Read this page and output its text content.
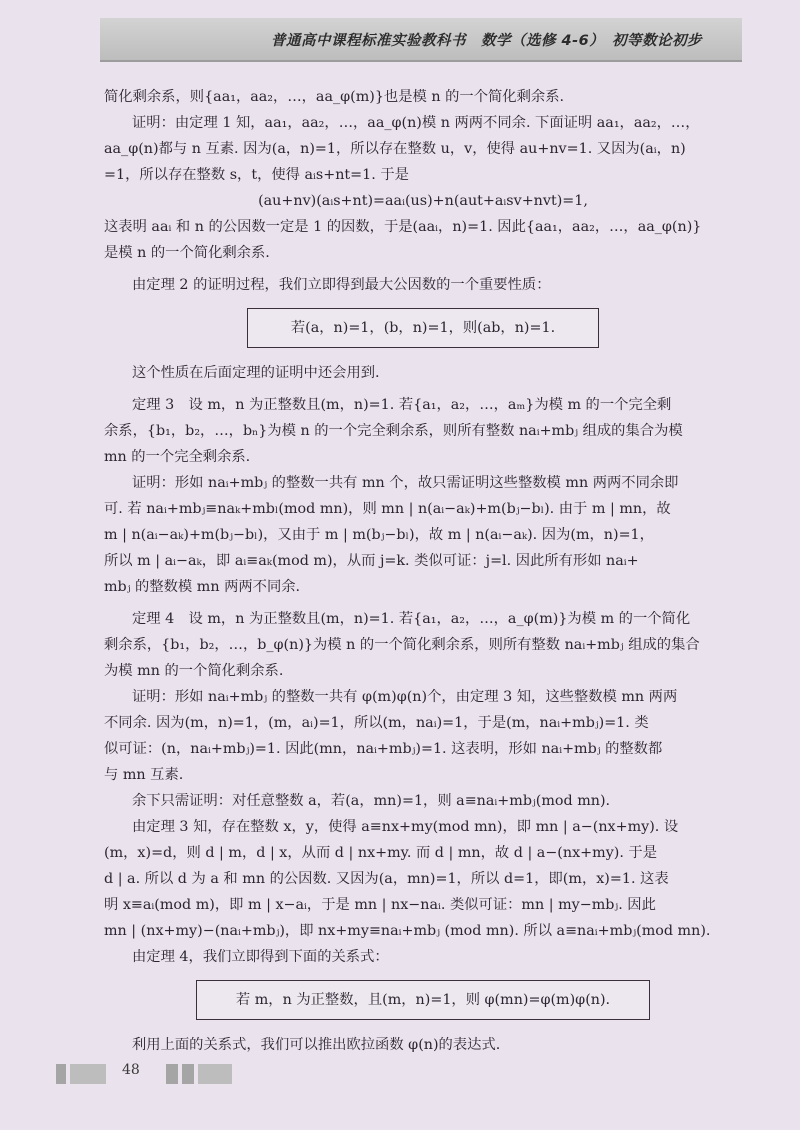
普通高中课程标准实验教科书　数学（选修 4-6）　初等数论初步

简化剩余系，则{aa₁，aa₂，…，aa_φ(m)}也是模 n 的一个简化剩余系.

证明：由定理 1 知，aa₁，aa₂，…，aa_φ(n)模 n 两两不同余. 下面证明 aa₁，aa₂，…，

aa_φ(n)都与 n 互素. 因为(a，n)=1，所以存在整数 u，v，使得 au+nv=1. 又因为(aᵢ，n)

=1，所以存在整数 s，t，使得 aᵢs+nt=1. 于是

(au+nv)(aᵢs+nt)=aaᵢ(us)+n(aut+aᵢsv+nvt)=1,

这表明 aaᵢ 和 n 的公因数一定是 1 的因数，于是(aaᵢ，n)=1. 因此{aa₁，aa₂，…，aa_φ(n)}

是模 n 的一个简化剩余系.

由定理 2 的证明过程，我们立即得到最大公因数的一个重要性质：

若(a，n)=1，(b，n)=1，则(ab，n)=1.

这个性质在后面定理的证明中还会用到.

定理 3　设 m，n 为正整数且(m，n)=1. 若{a₁，a₂，…，aₘ}为模 m 的一个完全剩

余系，{b₁，b₂，…，bₙ}为模 n 的一个完全剩余系，则所有整数 naᵢ+mbⱼ 组成的集合为模

mn 的一个完全剩余系.

证明：形如 naᵢ+mbⱼ 的整数一共有 mn 个，故只需证明这些整数模 mn 两两不同余即

可. 若 naᵢ+mbⱼ≡naₖ+mbₗ(mod mn)，则 mn | n(aᵢ−aₖ)+m(bⱼ−bₗ). 由于 m | mn，故

m | n(aᵢ−aₖ)+m(bⱼ−bₗ)，又由于 m | m(bⱼ−bₗ)，故 m | n(aᵢ−aₖ). 因为(m，n)=1，

所以 m | aᵢ−aₖ，即 aᵢ≡aₖ(mod m)，从而 j=k. 类似可证：j=l. 因此所有形如 naᵢ+

mbⱼ 的整数模 mn 两两不同余.

定理 4　设 m，n 为正整数且(m，n)=1. 若{a₁，a₂，…，a_φ(m)}为模 m 的一个简化

剩余系，{b₁，b₂，…，b_φ(n)}为模 n 的一个简化剩余系，则所有整数 naᵢ+mbⱼ 组成的集合

为模 mn 的一个简化剩余系.

证明：形如 naᵢ+mbⱼ 的整数一共有 φ(m)φ(n)个，由定理 3 知，这些整数模 mn 两两

不同余. 因为(m，n)=1，(m，aᵢ)=1，所以(m，naᵢ)=1，于是(m，naᵢ+mbⱼ)=1. 类

似可证：(n，naᵢ+mbⱼ)=1. 因此(mn，naᵢ+mbⱼ)=1. 这表明，形如 naᵢ+mbⱼ 的整数都

与 mn 互素.

余下只需证明：对任意整数 a，若(a，mn)=1，则 a≡naᵢ+mbⱼ(mod mn).

由定理 3 知，存在整数 x，y，使得 a≡nx+my(mod mn)，即 mn | a−(nx+my). 设

(m，x)=d，则 d | m，d | x，从而 d | nx+my. 而 d | mn，故 d | a−(nx+my). 于是

d | a. 所以 d 为 a 和 mn 的公因数. 又因为(a，mn)=1，所以 d=1，即(m，x)=1. 这表

明 x≡aᵢ(mod m)，即 m | x−aᵢ，于是 mn | nx−naᵢ. 类似可证：mn | my−mbⱼ. 因此

mn | (nx+my)−(naᵢ+mbⱼ)，即 nx+my≡naᵢ+mbⱼ (mod mn). 所以 a≡naᵢ+mbⱼ(mod mn).

由定理 4，我们立即得到下面的关系式：

若 m，n 为正整数，且(m，n)=1，则 φ(mn)=φ(m)φ(n).

利用上面的关系式，我们可以推出欧拉函数 φ(n)的表达式.

48
